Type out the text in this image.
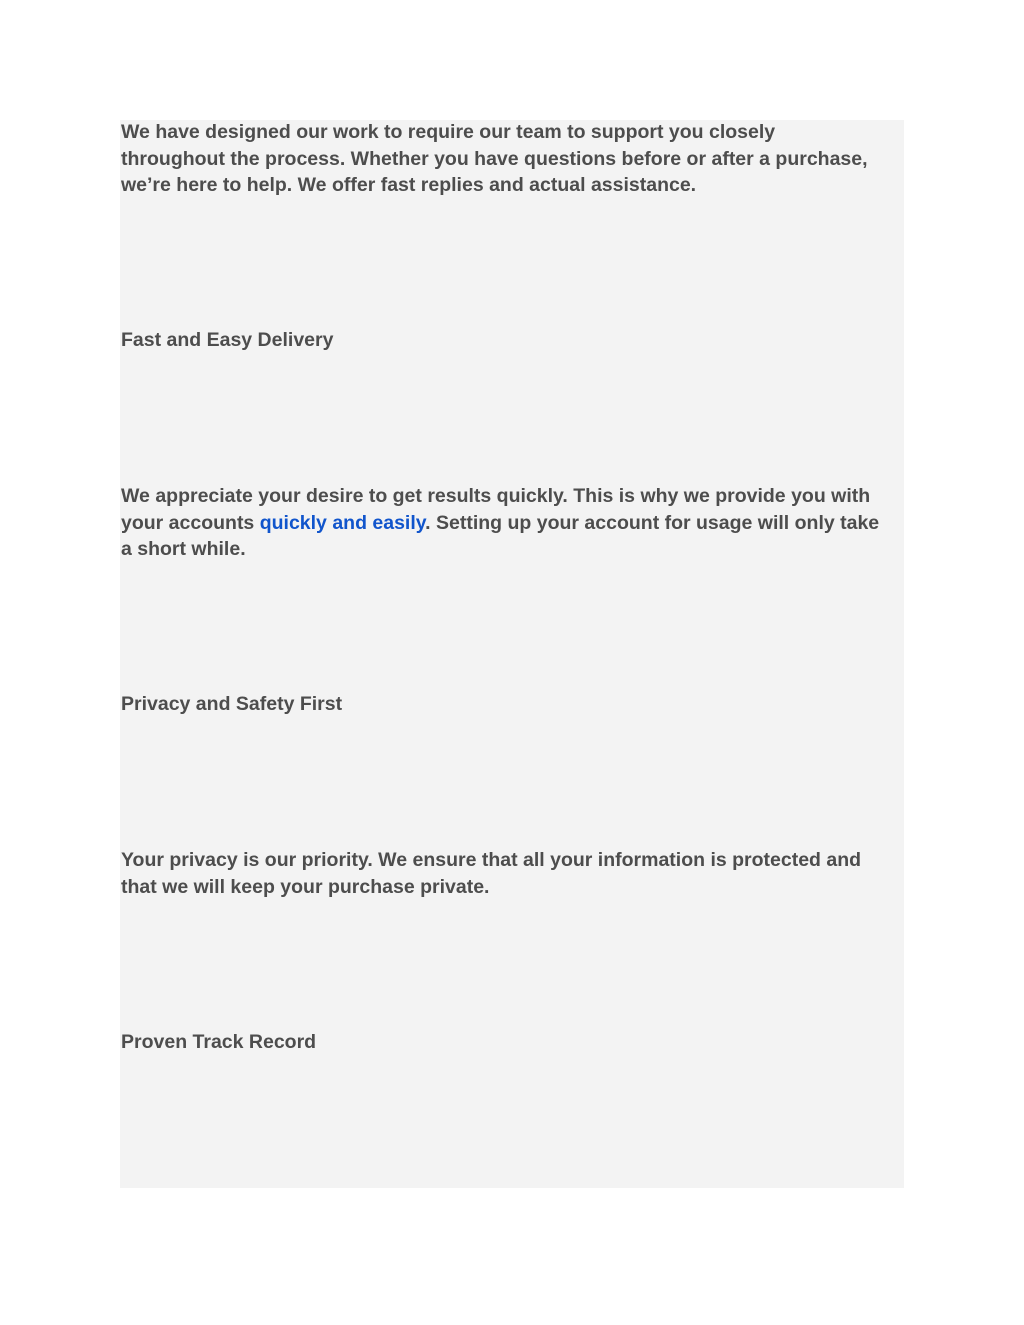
We have designed our work to require our team to support you closely
throughout the process. Whether you have questions before or after a purchase,
we’re here to help. We offer fast replies and actual assistance.

Fast and Easy Delivery

We appreciate your desire to get results quickly. This is why we provide you with
your accounts quickly and easily. Setting up your account for usage will only take
a short while.

Privacy and Safety First

Your privacy is our priority. We ensure that all your information is protected and
that we will keep your purchase private.

Proven Track Record
